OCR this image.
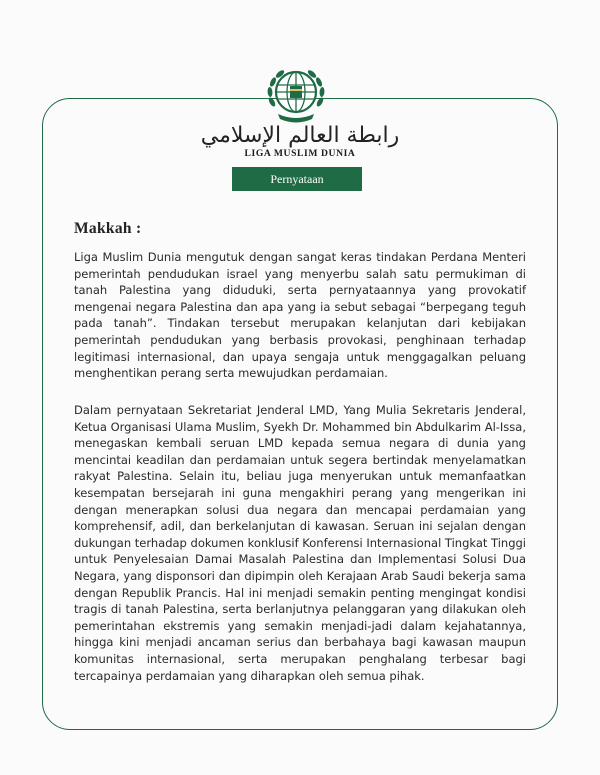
رابطة العالم الإسلامي
LIGA MUSLIM DUNIA
Pernyataan
Makkah :

Liga Muslim Dunia mengutuk dengan sangat keras tindakan Perdana Menteri pemerintah pendudukan israel yang menyerbu salah satu permukiman di tanah Palestina yang diduduki, serta pernyataannya yang provokatif mengenai negara Palestina dan apa yang ia sebut sebagai “berpegang teguh pada tanah”. Tindakan tersebut merupakan kelanjutan dari kebijakan pemerintah pendudukan yang berbasis provokasi, penghinaan terhadap legitimasi internasional, dan upaya sengaja untuk menggagalkan peluang menghentikan perang serta mewujudkan perdamaian.

Dalam pernyataan Sekretariat Jenderal LMD, Yang Mulia Sekretaris Jenderal, Ketua Organisasi Ulama Muslim, Syekh Dr. Mohammed bin Abdulkarim Al-Issa, menegaskan kembali seruan LMD kepada semua negara di dunia yang mencintai keadilan dan perdamaian untuk segera bertindak menyelamatkan rakyat Palestina. Selain itu, beliau juga menyerukan untuk memanfaatkan kesempatan bersejarah ini guna mengakhiri perang yang mengerikan ini dengan menerapkan solusi dua negara dan mencapai perdamaian yang komprehensif, adil, dan berkelanjutan di kawasan. Seruan ini sejalan dengan dukungan terhadap dokumen konklusif Konferensi Internasional Tingkat Tinggi untuk Penyelesaian Damai Masalah Palestina dan Implementasi Solusi Dua Negara, yang disponsori dan dipimpin oleh Kerajaan Arab Saudi bekerja sama dengan Republik Prancis. Hal ini menjadi semakin penting mengingat kondisi tragis di tanah Palestina, serta berlanjutnya pelanggaran yang dilakukan oleh pemerintahan ekstremis yang semakin menjadi-jadi dalam kejahatannya, hingga kini menjadi ancaman serius dan berbahaya bagi kawasan maupun komunitas internasional, serta merupakan penghalang terbesar bagi tercapainya perdamaian yang diharapkan oleh semua pihak.
